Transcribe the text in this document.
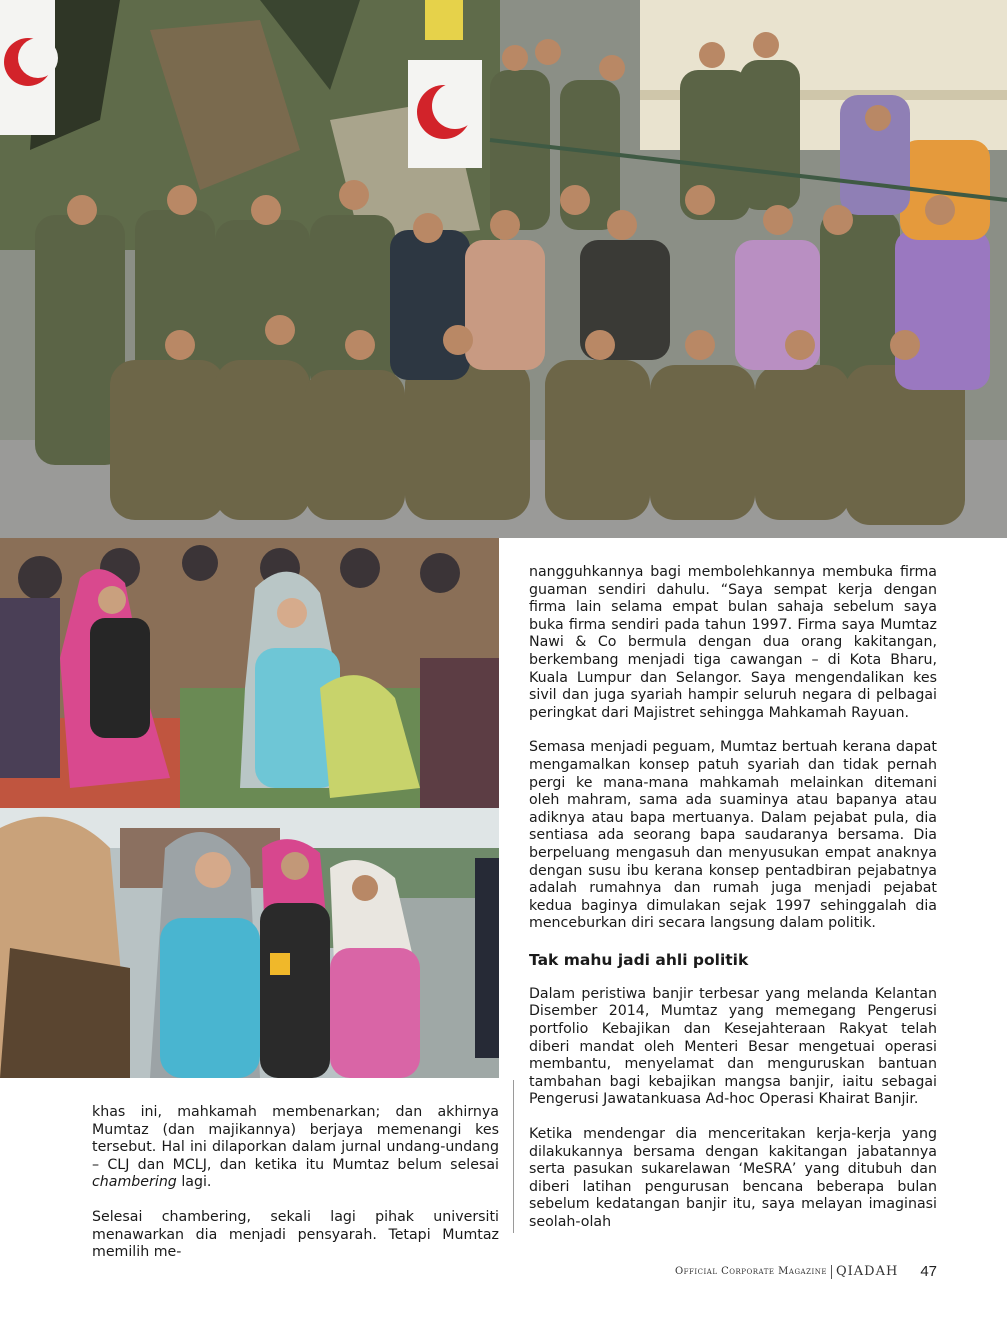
khas ini, mahkamah membenarkan; dan akhirnya Mumtaz (dan majikannya) berjaya memenangi kes tersebut. Hal ini dilaporkan dalam jurnal undang-undang – CLJ dan MCLJ, dan ketika itu Mumtaz belum selesai chambering lagi.

Selesai chambering, sekali lagi pihak universiti menawarkan dia menjadi pensyarah. Tetapi Mumtaz memilih me-

nangguhkannya bagi membolehkannya membuka firma guaman sendiri dahulu. “Saya sempat kerja dengan firma lain selama empat bulan sahaja sebelum saya buka firma sendiri pada tahun 1997. Firma saya Mumtaz Nawi & Co bermula dengan dua orang kakitangan, berkembang menjadi tiga cawangan – di Kota Bharu, Kuala Lumpur dan Selangor. Saya mengendalikan kes sivil dan juga syariah hampir seluruh negara di pelbagai peringkat dari Majistret sehingga Mahkamah Rayuan.

Semasa menjadi peguam, Mumtaz bertuah kerana dapat mengamalkan konsep patuh syariah dan tidak pernah pergi ke mana-mana mahkamah melainkan ditemani oleh mahram, sama ada suaminya atau bapanya atau adiknya atau bapa mertuanya. Dalam pejabat pula, dia sentiasa ada seorang bapa saudaranya bersama. Dia berpeluang mengasuh dan menyusukan empat anaknya dengan susu ibu kerana konsep pentadbiran pejabatnya adalah rumahnya dan rumah juga menjadi pejabat kedua baginya dimulakan sejak 1997 sehinggalah dia menceburkan diri secara langsung dalam politik.

Tak mahu jadi ahli politik

Dalam peristiwa banjir terbesar yang melanda Kelantan Disember 2014, Mumtaz yang memegang Pengerusi portfolio Kebajikan dan Kesejahteraan Rakyat telah diberi mandat oleh Menteri Besar mengetuai operasi membantu, menyelamat dan menguruskan bantuan tambahan bagi kebajikan mangsa banjir, iaitu sebagai Pengerusi Jawatankuasa Ad-hoc Operasi Khairat Banjir.

Ketika mendengar dia menceritakan kerja-kerja yang dilakukannya bersama dengan kakitangan jabatannya serta pasukan sukarelawan ‘MeSRA’ yang ditubuh dan diberi latihan pengurusan bencana beberapa bulan sebelum kedatangan banjir itu, saya melayan imaginasi seolah-olah

Official Corporate Magazine QIADAH 47
